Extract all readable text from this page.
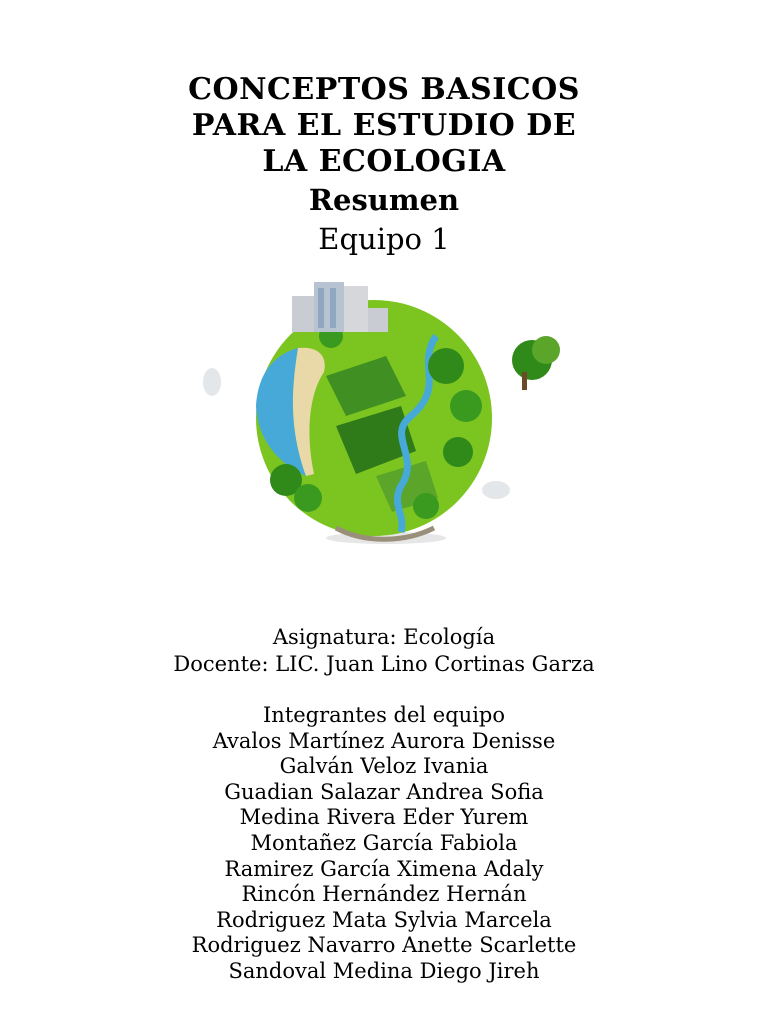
CONCEPTOS BASICOS
PARA EL ESTUDIO DE
LA ECOLOGIA
Resumen
Equipo 1
Asignatura: Ecología
Docente: LIC. Juan Lino Cortinas Garza
Integrantes del equipo
Avalos Martínez Aurora Denisse
Galván Veloz Ivania
Guadian Salazar Andrea Sofia
Medina Rivera Eder Yurem
Montañez García Fabiola
Ramirez García Ximena Adaly
Rincón Hernández Hernán
Rodriguez Mata Sylvia Marcela
Rodriguez Navarro Anette Scarlette
Sandoval Medina Diego Jireh
